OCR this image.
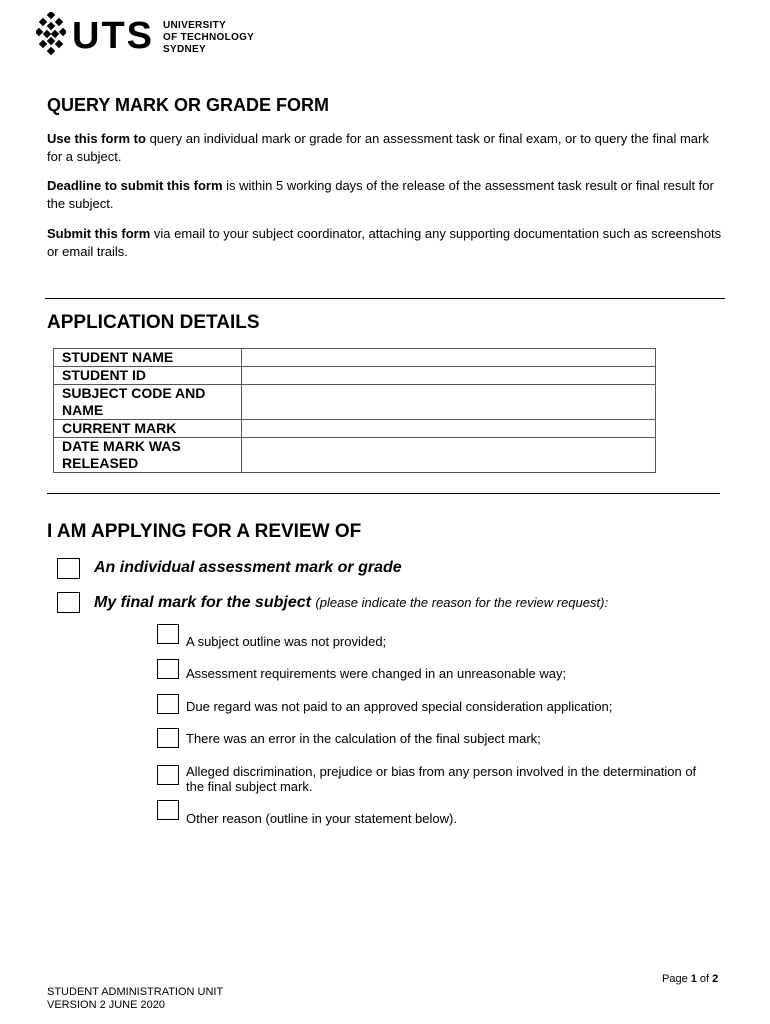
UTS UNIVERSITY
OF TECHNOLOGY
SYDNEY
QUERY MARK OR GRADE FORM
Use this form to query an individual mark or grade for an assessment task or final exam, or to query the final mark for a subject.
Deadline to submit this form is within 5 working days of the release of the assessment task result or final result for the subject.
Submit this form via email to your subject coordinator, attaching any supporting documentation such as screenshots or email trails.
APPLICATION DETAILS
STUDENT NAME	
STUDENT ID	
SUBJECT CODE AND NAME	
CURRENT MARK	
DATE MARK WAS RELEASED	
I AM APPLYING FOR A REVIEW OF
An individual assessment mark or grade
My final mark for the subject (please indicate the reason for the review request):
A subject outline was not provided;
Assessment requirements were changed in an unreasonable way;
Due regard was not paid to an approved special consideration application;
There was an error in the calculation of the final subject mark;
Alleged discrimination, prejudice or bias from any person involved in the determination of the final subject mark.
Other reason (outline in your statement below).
Page 1 of 2
STUDENT ADMINISTRATION UNIT
VERSION 2 JUNE 2020
